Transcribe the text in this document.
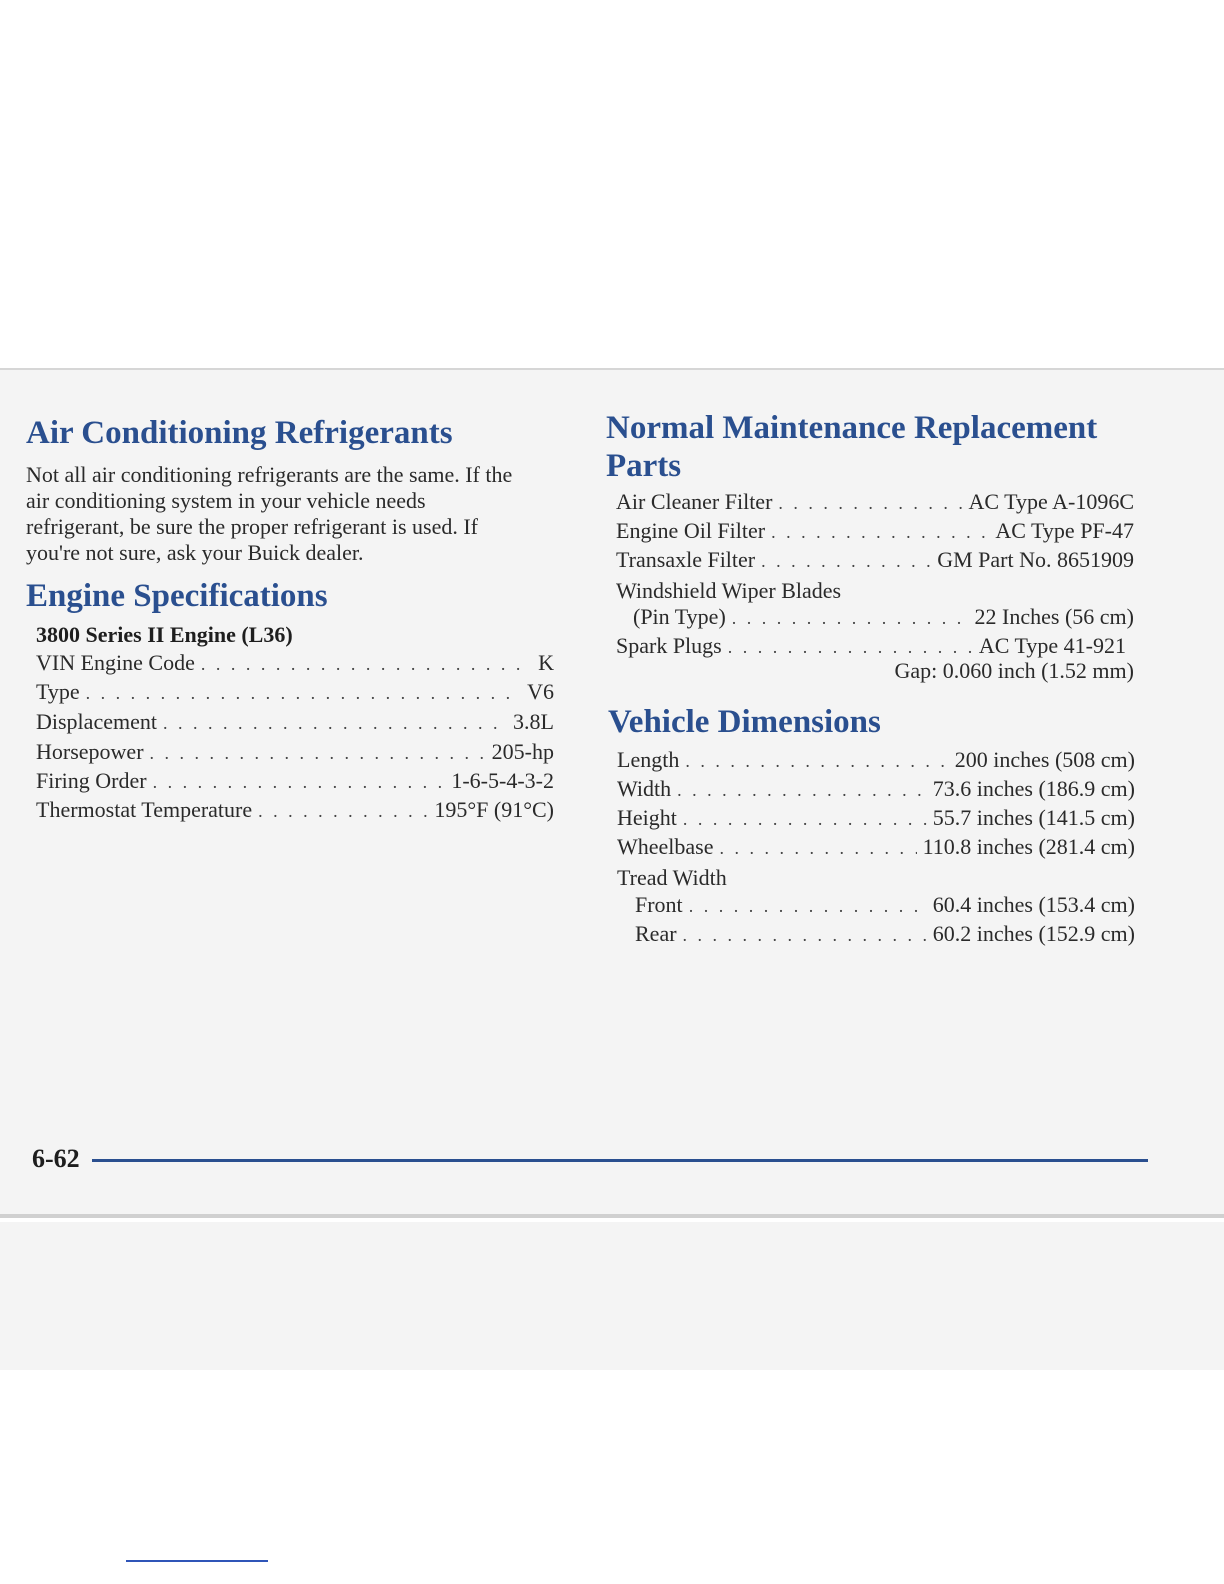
Air Conditioning Refrigerants

Not all air conditioning refrigerants are the same. If the

air conditioning system in your vehicle needs

refrigerant, be sure the proper refrigerant is used. If

you're not sure, ask your Buick dealer.

Engine Specifications

3800 Series II Engine (L36)

VIN Engine Code . . .	K
Type . . .	V6
Displacement . . .	3.8L
Horsepower . . .	205-hp
Firing Order . . .	1-6-5-4-3-2
Thermostat Temperature . . .	195°F (91°C)
Normal Maintenance Replacement
Parts
Air Cleaner Filter . . .	AC Type A-1096C
Engine Oil Filter . . .	AC Type PF-47
Transaxle Filter . . .	GM Part No. 8651909
Windshield Wiper Blades
(Pin Type) . . .	22 Inches (56 cm)
Spark Plugs . . .	AC Type 41-921
Gap: 0.060 inch (1.52 mm)
Vehicle Dimensions
Length . . .	200 inches (508 cm)
Width . . .	73.6 inches (186.9 cm)
Height . . .	55.7 inches (141.5 cm)
Wheelbase . . .	110.8 inches (281.4 cm)
Tread Width
Front . . .	60.4 inches (153.4 cm)
Rear . . .	60.2 inches (152.9 cm)
6-62
